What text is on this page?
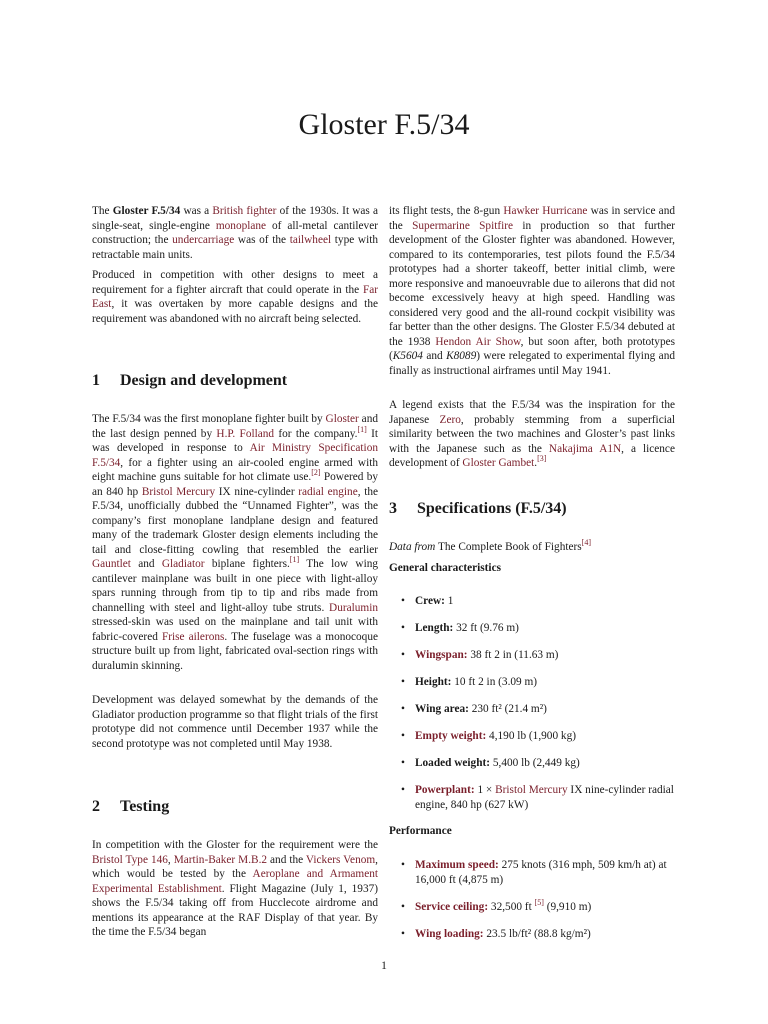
Gloster F.5/34

The Gloster F.5/34 was a British fighter of the 1930s. It was a single-seat, single-engine monoplane of all-metal cantilever construction; the undercarriage was of the tailwheel type with retractable main units.

Produced in competition with other designs to meet a requirement for a fighter aircraft that could operate in the Far East, it was overtaken by more capable designs and the requirement was abandoned with no aircraft being selected.

1 Design and development

The F.5/34 was the first monoplane fighter built by Gloster and the last design penned by H.P. Folland for the company.[1] It was developed in response to Air Ministry Specification F.5/34, for a fighter using an air-cooled engine armed with eight machine guns suitable for hot climate use.[2] Powered by an 840 hp Bristol Mercury IX nine-cylinder radial engine, the F.5/34, unofficially dubbed the “Unnamed Fighter”, was the company’s first monoplane landplane design and featured many of the trademark Gloster design elements including the tail and close-fitting cowling that resembled the earlier Gauntlet and Gladiator biplane fighters.[1] The low wing cantilever mainplane was built in one piece with light-alloy spars running through from tip to tip and ribs made from channelling with steel and light-alloy tube struts. Duralumin stressed-skin was used on the mainplane and tail unit with fabric-covered Frise ailerons. The fuselage was a monocoque structure built up from light, fabricated oval-section rings with duralumin skinning.

Development was delayed somewhat by the demands of the Gladiator production programme so that flight trials of the first prototype did not commence until December 1937 while the second prototype was not completed until May 1938.

2 Testing

In competition with the Gloster for the requirement were the Bristol Type 146, Martin-Baker M.B.2 and the Vickers Venom, which would be tested by the Aeroplane and Armament Experimental Establishment. Flight Magazine (July 1, 1937) shows the F.5/34 taking off from Hucclecote airdrome and mentions its appearance at the RAF Display of that year. By the time the F.5/34 began

its flight tests, the 8-gun Hawker Hurricane was in service and the Supermarine Spitfire in production so that further development of the Gloster fighter was abandoned. However, compared to its contemporaries, test pilots found the F.5/34 prototypes had a shorter takeoff, better initial climb, were more responsive and manoeuvrable due to ailerons that did not become excessively heavy at high speed. Handling was considered very good and the all-round cockpit visibility was far better than the other designs. The Gloster F.5/34 debuted at the 1938 Hendon Air Show, but soon after, both prototypes (K5604 and K8089) were relegated to experimental flying and finally as instructional airframes until May 1941.

A legend exists that the F.5/34 was the inspiration for the Japanese Zero, probably stemming from a superficial similarity between the two machines and Gloster’s past links with the Japanese such as the Nakajima A1N, a licence development of Gloster Gambet.[3]

3 Specifications (F.5/34)
Data from The Complete Book of Fighters[4]
General characteristics
• Crew: 1
• Length: 32 ft (9.76 m)
• Wingspan: 38 ft 2 in (11.63 m)
• Height: 10 ft 2 in (3.09 m)
• Wing area: 230 ft² (21.4 m²)
• Empty weight: 4,190 lb (1,900 kg)
• Loaded weight: 5,400 lb (2,449 kg)
• Powerplant: 1 × Bristol Mercury IX nine-cylinder radial engine, 840 hp (627 kW)
Performance
• Maximum speed: 275 knots (316 mph, 509 km/h at) at 16,000 ft (4,875 m)
• Service ceiling: 32,500 ft [5] (9,910 m)
• Wing loading: 23.5 lb/ft² (88.8 kg/m²)
1
